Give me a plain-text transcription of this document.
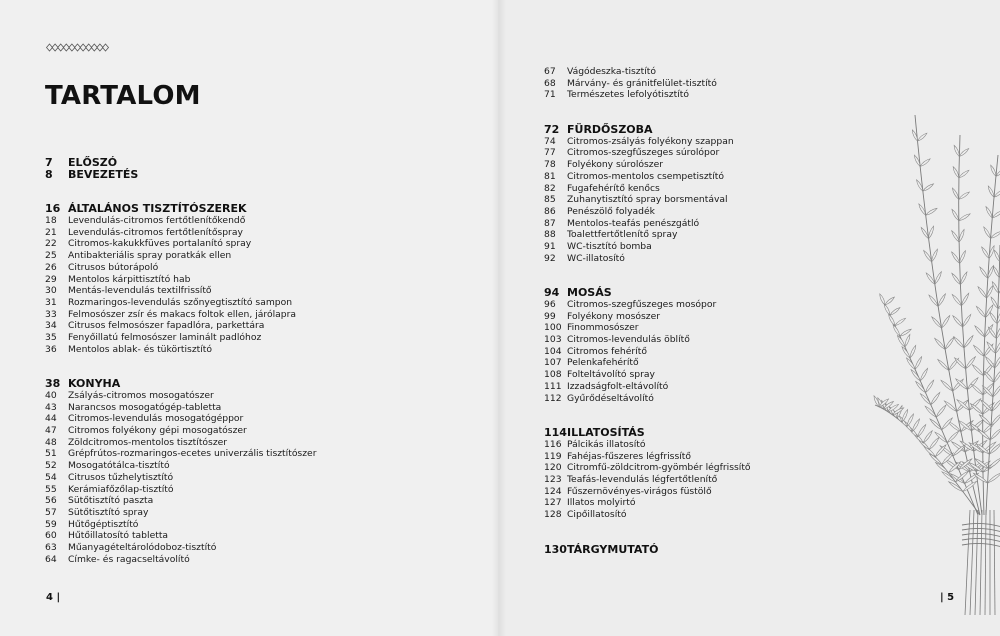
TARTALOM
7	ELŐSZÓ
8	BEVEZETÉS
16 ÁLTALÁNOS TISZTÍTÓSZEREK
18	Levendulás-citromos fertőtlenítőkendő
21	Levendulás-citromos fertőtlenítőspray
22	Citromos-kakukkfüves portalanító spray
25	Antibakteriális spray poratkák ellen
26	Citrusos bútorápoló
29	Mentolos kárpittisztító hab
30	Mentás-levendulás textilfrissítő
31	Rozmaringos-levendulás szőnyegtisztító sampon
33	Felmosószer zsír és makacs foltok ellen, járólapra
34	Citrusos felmosószer fapadlóra, parkettára
35	Fenyőillatú felmosószer laminált padlóhoz
36	Mentolos ablak- és tükörtisztító
38 KONYHA
40	Zsályás-citromos mosogatószer
43	Narancsos mosogatógép-tabletta
44	Citromos-levendulás mosogatógéppor
47	Citromos folyékony gépi mosogatószer
48	Zöldcitromos-mentolos tisztítószer
51	Grépfrútos-rozmaringos-ecetes univerzális tisztítószer
52	Mosogatótálca-tisztító
54	Citrusos tűzhelytisztító
55	Kerámiafőzőlap-tisztító
56	Sütőtisztító paszta
57	Sütőtisztító spray
59	Hűtőgéptisztító
60	Hűtőillatosító tabletta
63	Műanyagételtárolódoboz-tisztító
64	Címke- és ragacseltávolító
67	Vágódeszka-tisztító
68	Márvány- és gránitfelület-tisztító
71	Természetes lefolyótisztító
72 FÜRDŐSZOBA
74	Citromos-zsályás folyékony szappan
77	Citromos-szegfűszeges súrolópor
78	Folyékony súrolószer
81	Citromos-mentolos csempetisztító
82	Fugafehérítő kenőcs
85	Zuhanytisztító spray borsmentával
86	Penészölő folyadék
87	Mentolos-teafás penészgátló
88	Toalettfertőtlenítő spray
91	WC-tisztító bomba
92	WC-illatosító
94 MOSÁS
96	Citromos-szegfűszeges mosópor
99	Folyékony mosószer
100 Finommosószer
103 Citromos-levendulás öblítő
104 Citromos fehérítő
107 Pelenkafehérítő
108 Folteltávolító spray
111 Izzadságfolt-eltávolító
112 Gyűrődéseltávolító
114 ILLATOSÍTÁS
116 Pálcikás illatosító
119 Fahéjas-fűszeres légfrissítő
120 Citromfű-zöldcitrom-gyömbér légfrissítő
123 Teafás-levendulás légfertőtlenítő
124 Fűszernövényes-virágos füstölő
127 Illatos molyirtó
128 Cipőillatosító
130 TÁRGYMUTATÓ
4 |	| 5
